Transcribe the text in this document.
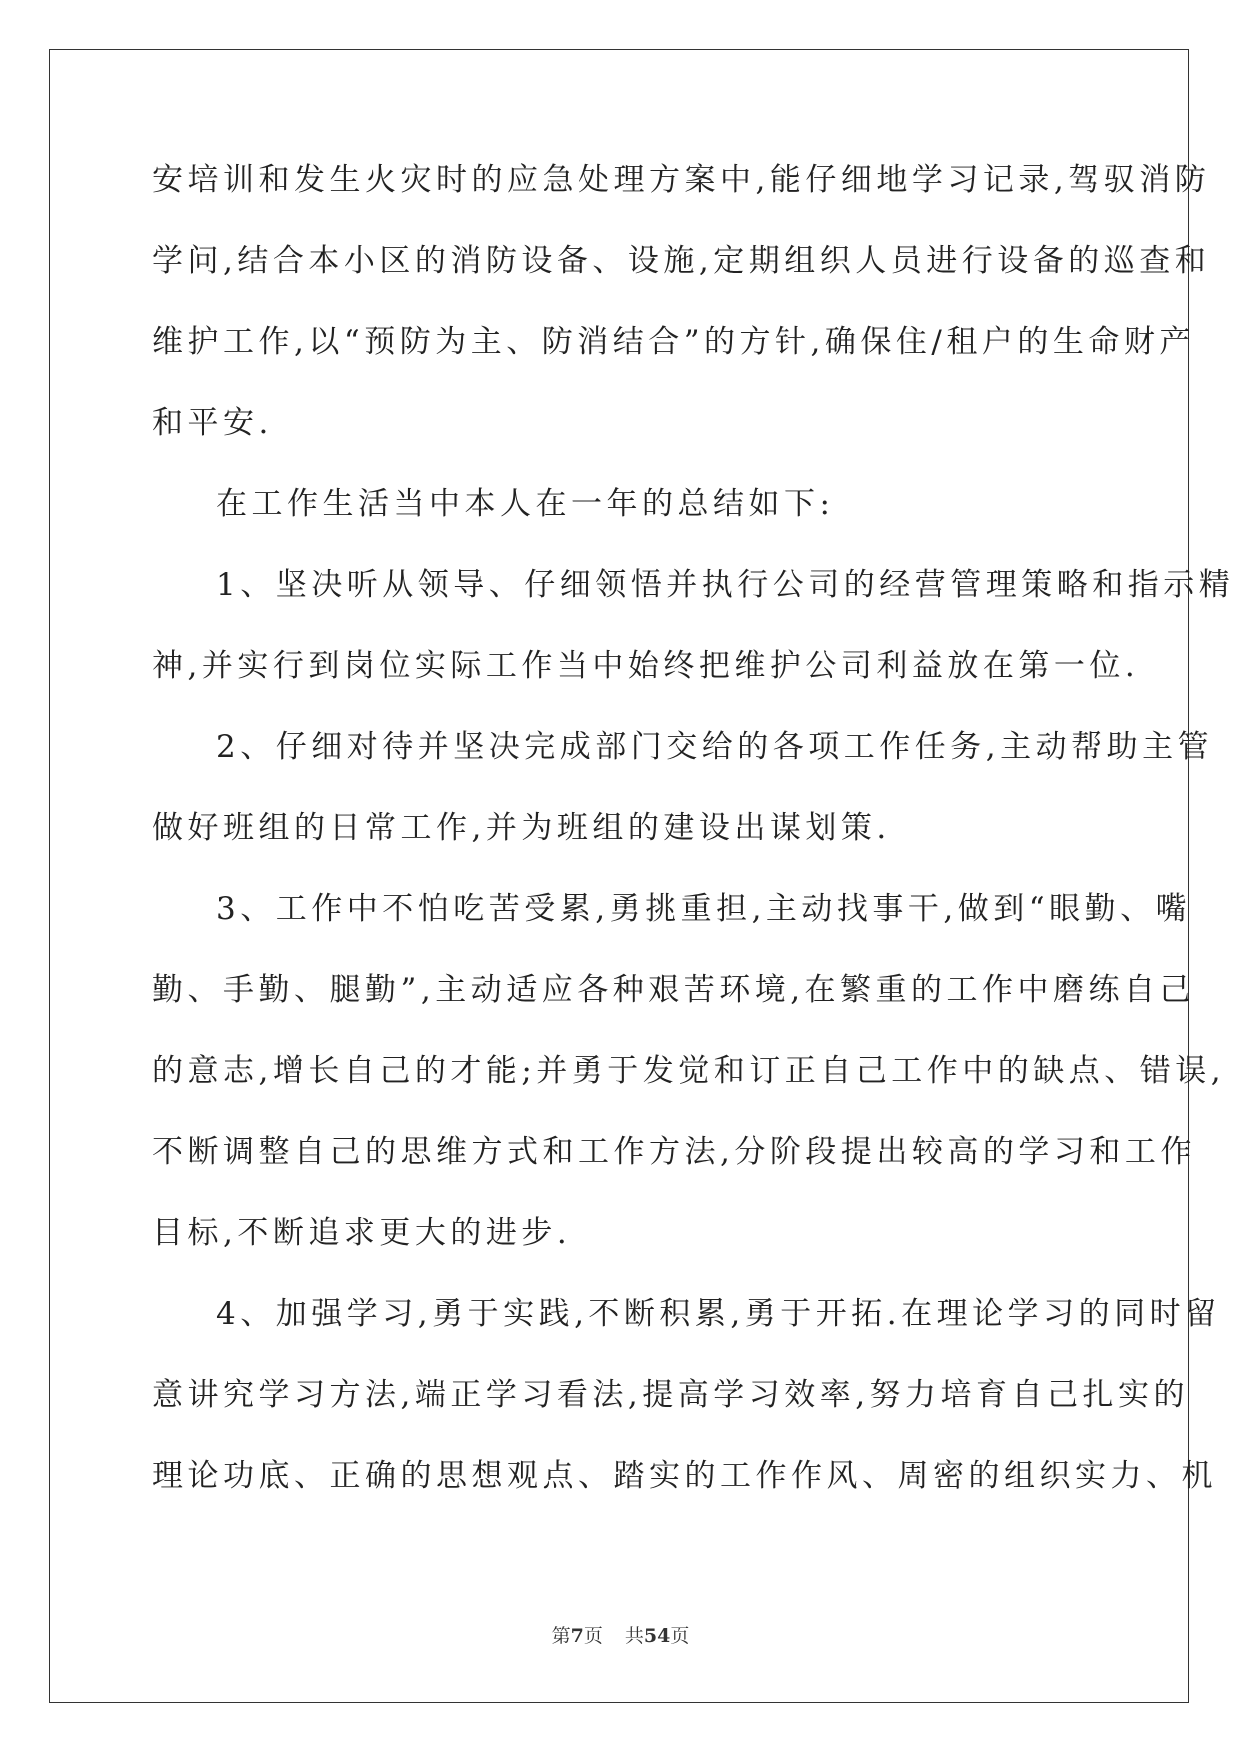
安培训和发生火灾时的应急处理方案中,能仔细地学习记录,驾驭消防
学问,结合本小区的消防设备、设施,定期组织人员进行设备的巡查和
维护工作,以“预防为主、防消结合”的方针,确保住/租户的生命财产
和平安.
在工作生活当中本人在一年的总结如下:
1、坚决听从领导、仔细领悟并执行公司的经营管理策略和指示精
神,并实行到岗位实际工作当中始终把维护公司利益放在第一位.
2、仔细对待并坚决完成部门交给的各项工作任务,主动帮助主管
做好班组的日常工作,并为班组的建设出谋划策.
3、工作中不怕吃苦受累,勇挑重担,主动找事干,做到“眼勤、嘴
勤、手勤、腿勤”,主动适应各种艰苦环境,在繁重的工作中磨练自己
的意志,增长自己的才能;并勇于发觉和订正自己工作中的缺点、错误,
不断调整自己的思维方式和工作方法,分阶段提出较高的学习和工作
目标,不断追求更大的进步.
4、加强学习,勇于实践,不断积累,勇于开拓.在理论学习的同时留
意讲究学习方法,端正学习看法,提高学习效率,努力培育自己扎实的
理论功底、正确的思想观点、踏实的工作作风、周密的组织实力、机
第7页 共54页
